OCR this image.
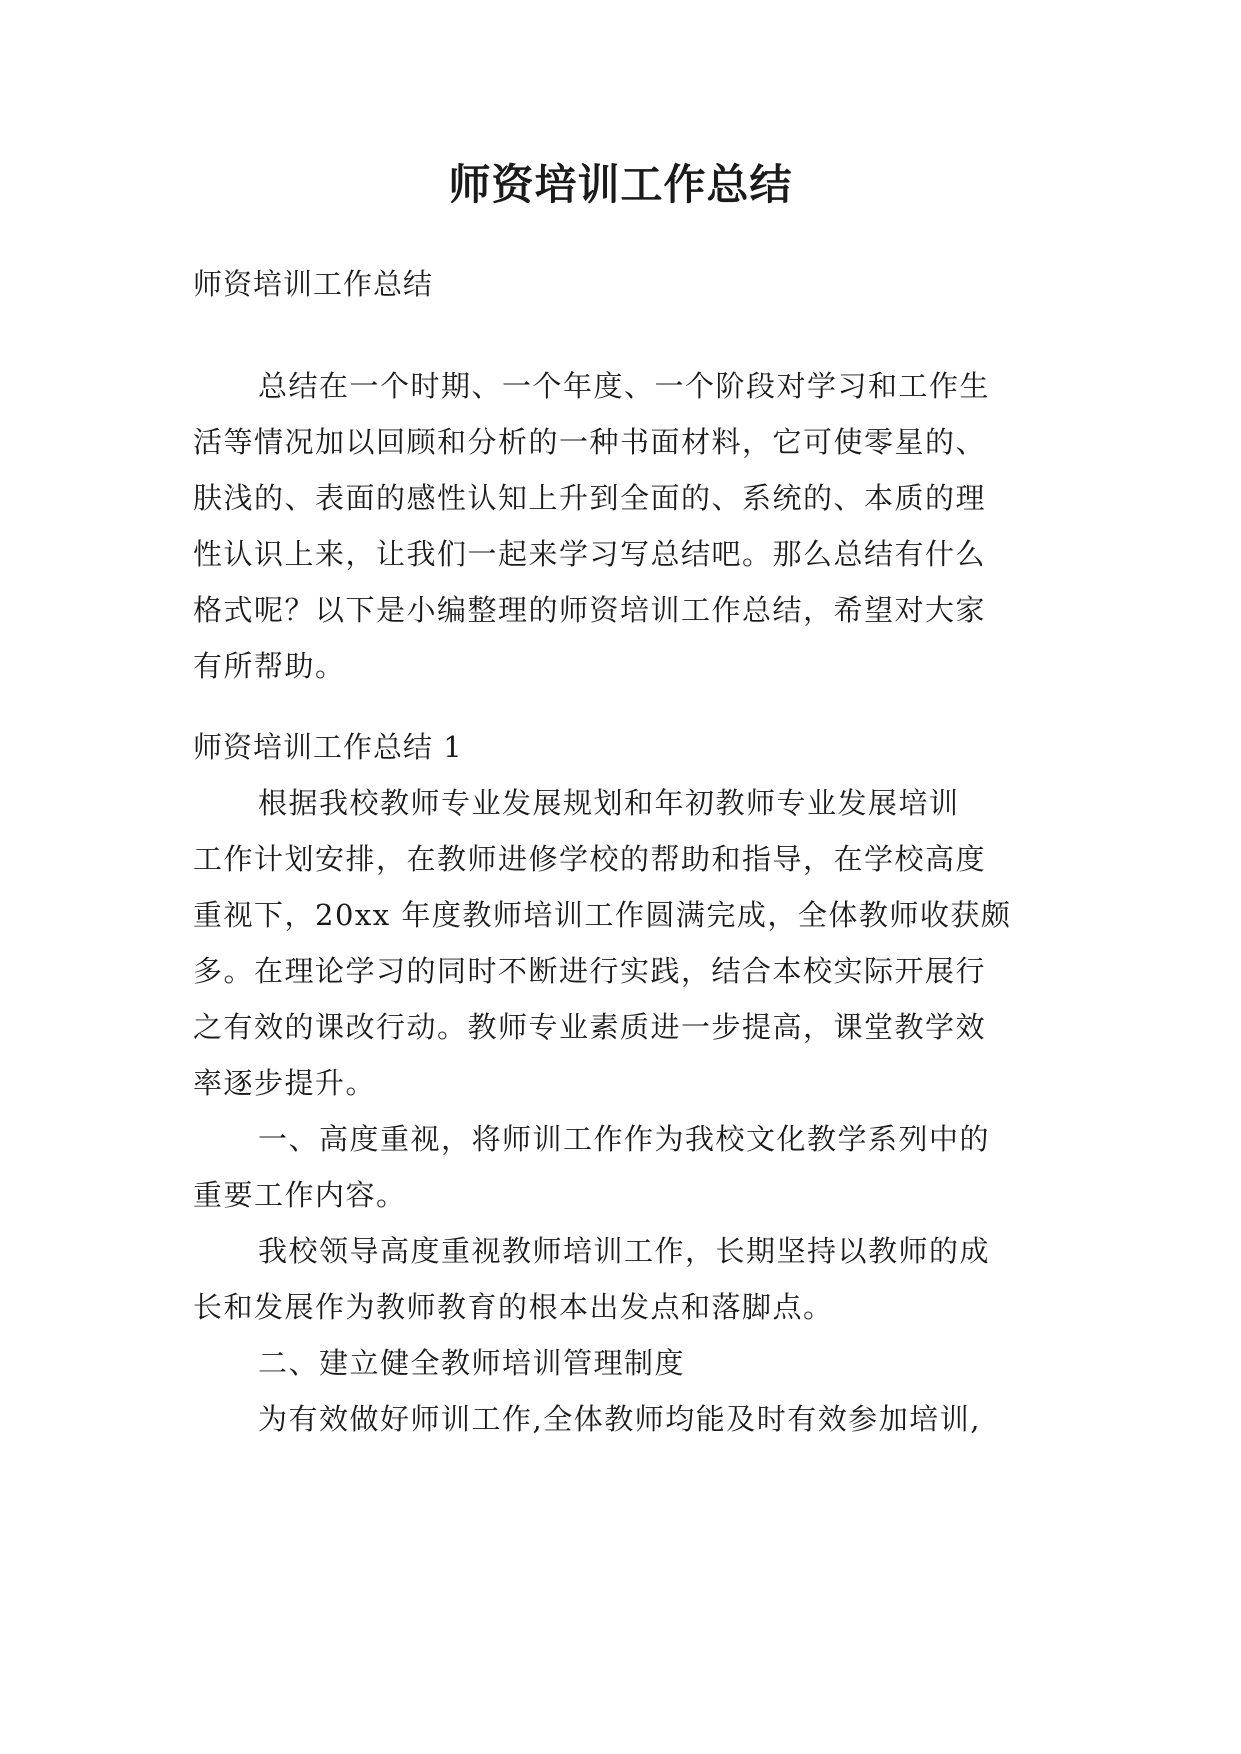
师资培训工作总结
师资培训工作总结
总结在一个时期、一个年度、一个阶段对学习和工作生
活等情况加以回顾和分析的一种书面材料，它可使零星的、
肤浅的、表面的感性认知上升到全面的、系统的、本质的理
性认识上来，让我们一起来学习写总结吧。那么总结有什么
格式呢？以下是小编整理的师资培训工作总结，希望对大家
有所帮助。
师资培训工作总结 1
根据我校教师专业发展规划和年初教师专业发展培训
工作计划安排，在教师进修学校的帮助和指导，在学校高度
重视下，20xx 年度教师培训工作圆满完成，全体教师收获颇
多。在理论学习的同时不断进行实践，结合本校实际开展行
之有效的课改行动。教师专业素质进一步提高，课堂教学效
率逐步提升。
一、高度重视，将师训工作作为我校文化教学系列中的
重要工作内容。
我校领导高度重视教师培训工作，长期坚持以教师的成
长和发展作为教师教育的根本出发点和落脚点。
二、建立健全教师培训管理制度
为有效做好师训工作,全体教师均能及时有效参加培训,
